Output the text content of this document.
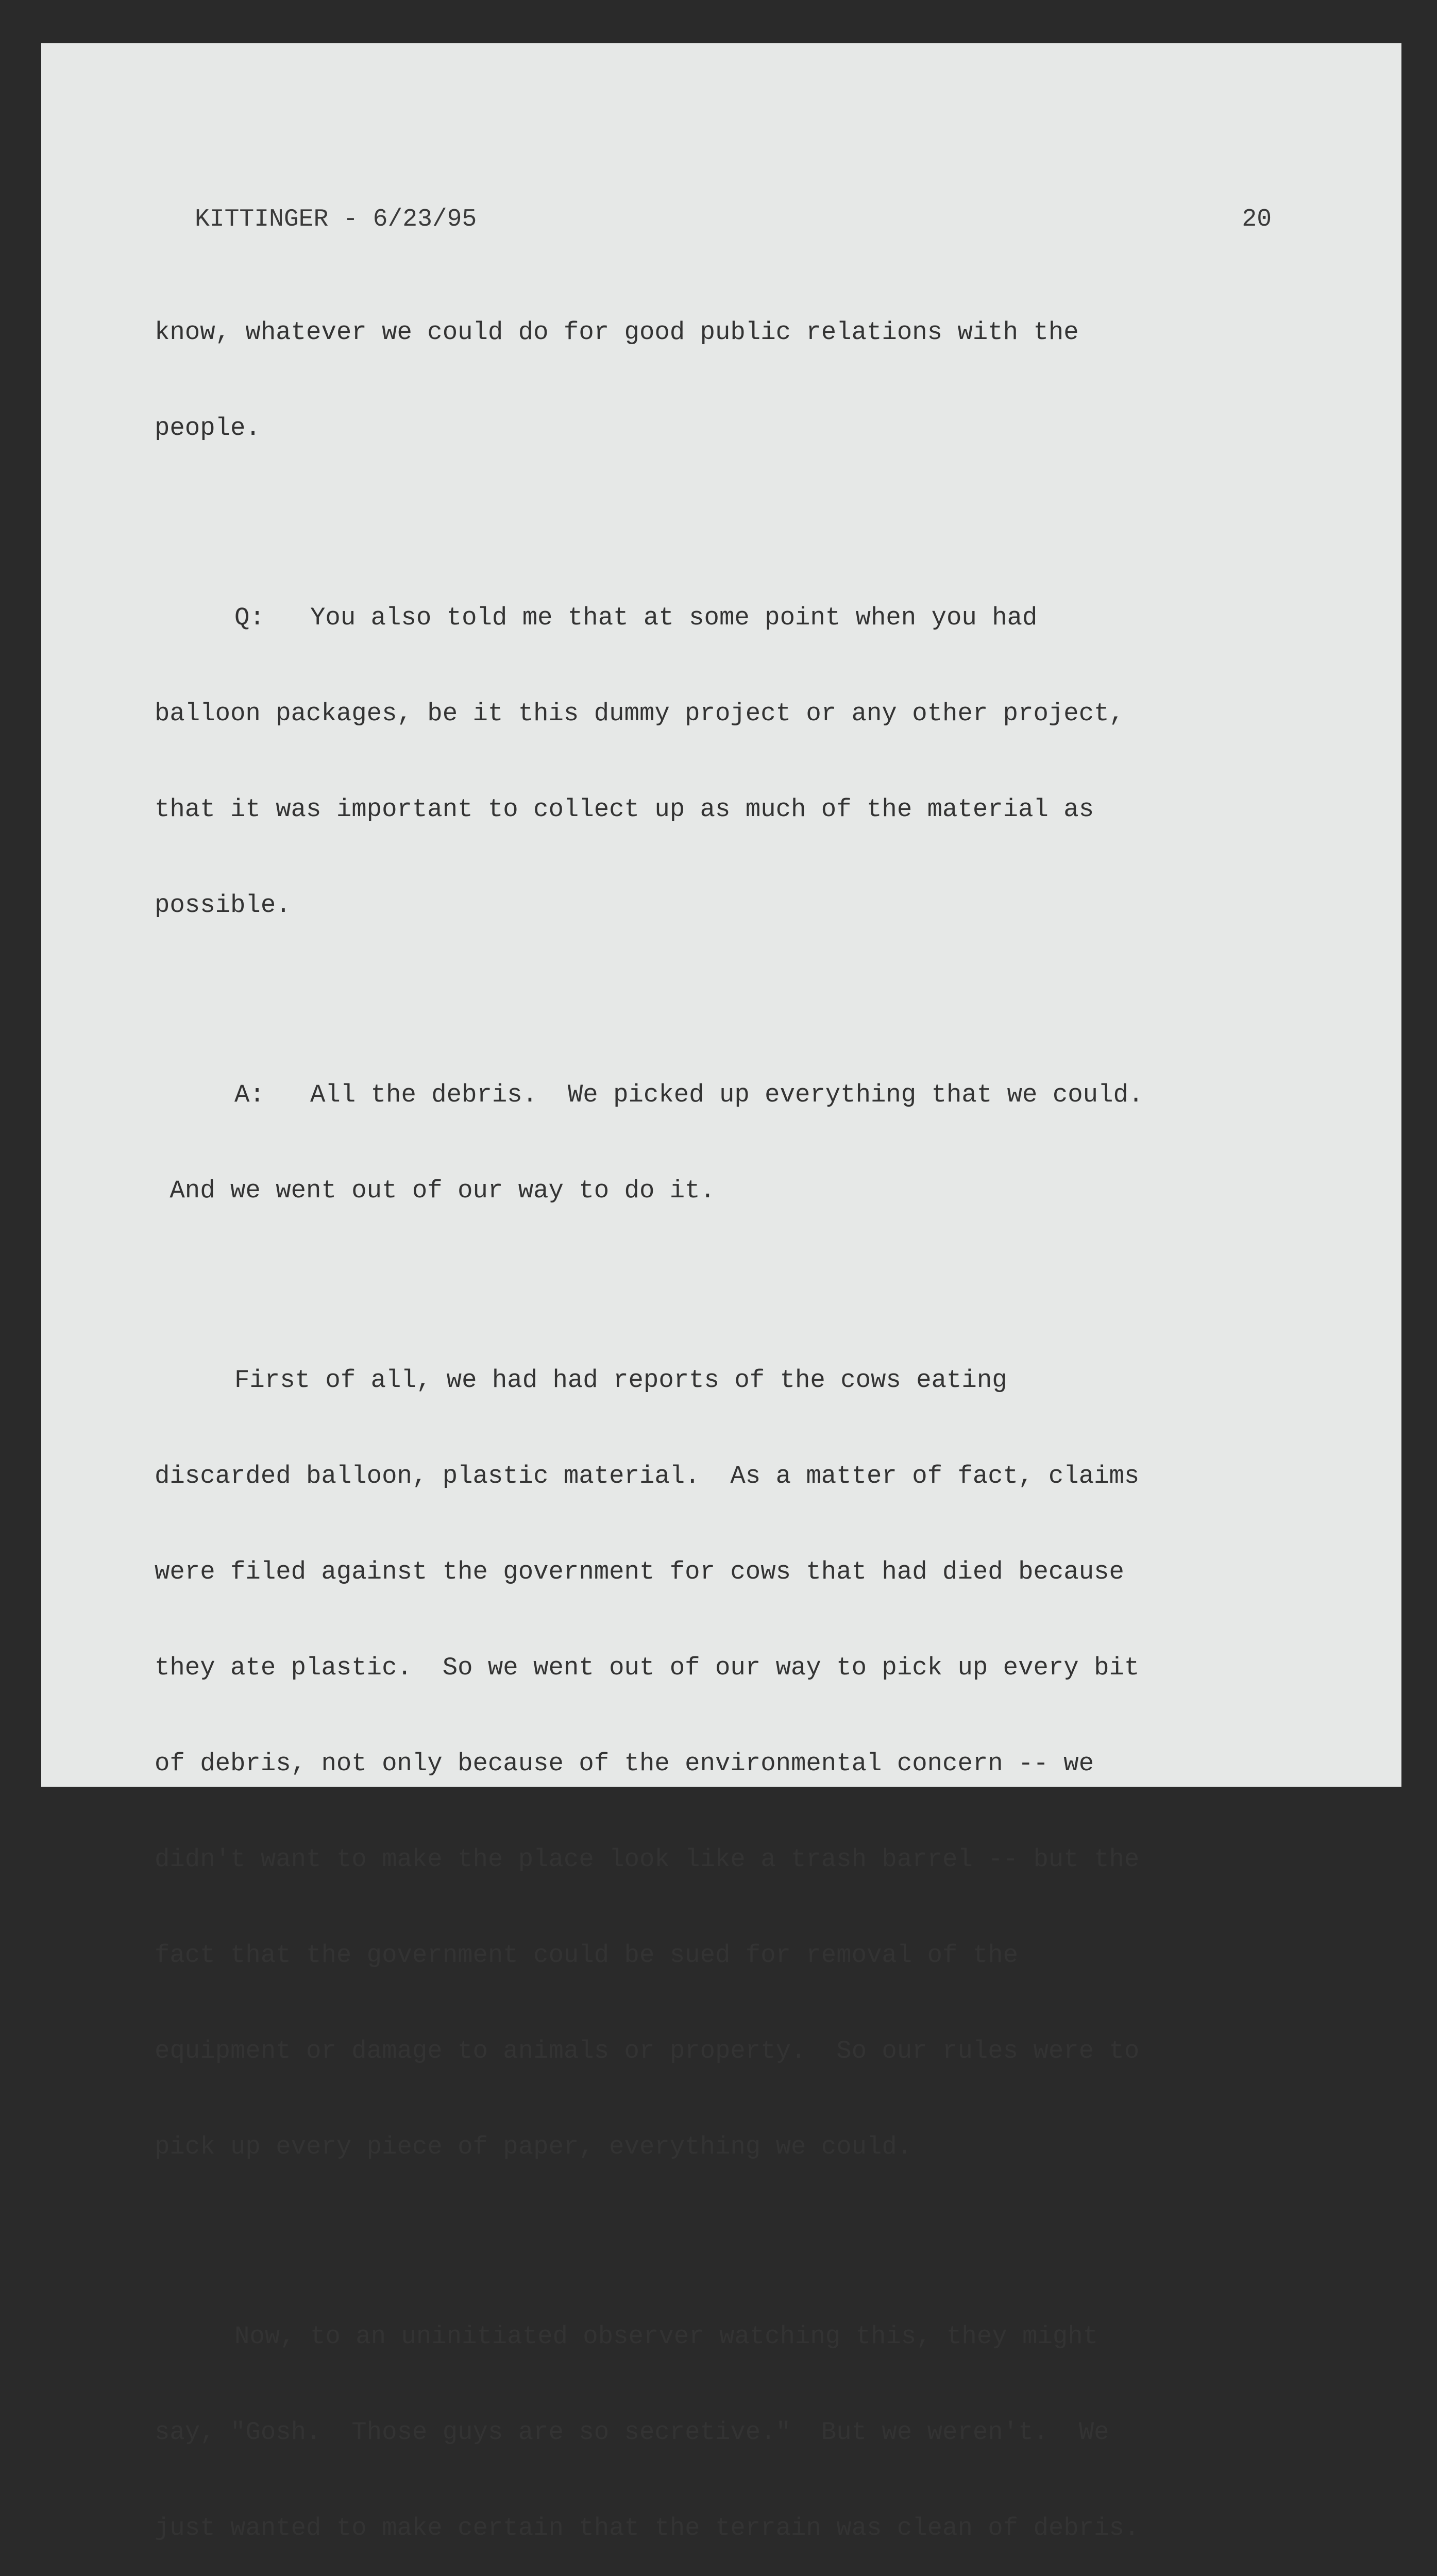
KITTINGER - 6/23/95	20

know, whatever we could do for good public relations with the

people.

Q:   You also told me that at some point when you had

balloon packages, be it this dummy project or any other project,

that it was important to collect up as much of the material as

possible.

A:   All the debris.  We picked up everything that we could.

And we went out of our way to do it.

First of all, we had had reports of the cows eating

discarded balloon, plastic material.  As a matter of fact, claims

were filed against the government for cows that had died because

they ate plastic.  So we went out of our way to pick up every bit

of debris, not only because of the environmental concern -- we

didn't want to make the place look like a trash barrel -- but the

fact that the government could be sued for removal of the

equipment or damage to animals or property.  So our rules were to

pick up every piece of paper, everything we could.

Now, to an uninitiated observer watching this, they might

say, "Gosh.  Those guys are so secretive."  But we weren't.  We

just wanted to make certain that the terrain was clean of debris.
